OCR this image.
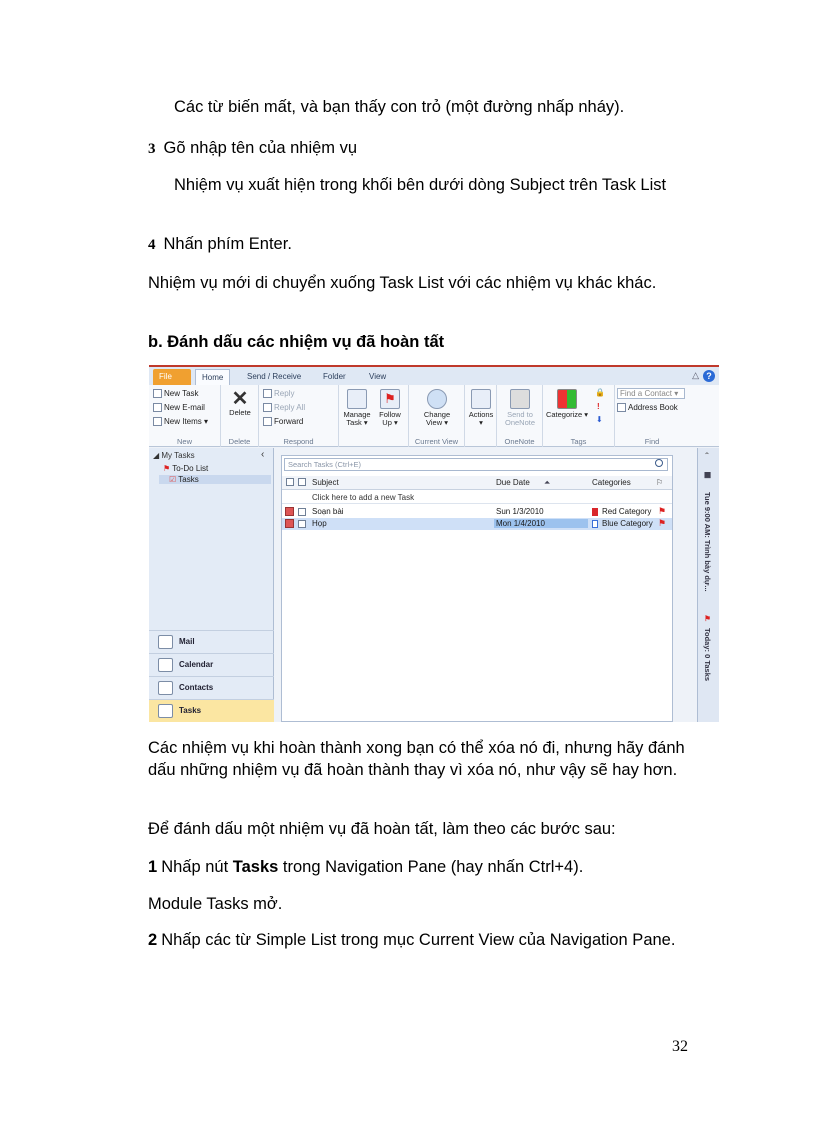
Các từ biến mất, và bạn thấy con trỏ (một đường nhấp nháy).

3 Gõ nhập tên của nhiệm vụ

Nhiệm vụ xuất hiện trong khối bên dưới dòng Subject trên Task List

4 Nhấn phím Enter.

Nhiệm vụ mới di chuyển xuống Task List với các nhiệm vụ khác khác.

b. Đánh dấu các nhiệm vụ đã hoàn tất

File	Home	Send / Receive	Folder	View	△ ?
New Task
New E-mail
New Items ▾
New
✕
Delete
Delete
Reply
Reply All
Forward
Respond
Manage Task ▾
⚑
Follow Up ▾
Change View ▾
Current View
Actions ▾
Send to OneNote
OneNote
Categorize ▾
🔒
!
⬇
Tags
Find a Contact ▾
Address Book
Find
◢ My Tasks	‹
⚑ To-Do List
☑ Tasks
Mail
Calendar
Contacts
Tasks
Search Tasks (Ctrl+E)
Subject	Due Date ⏶	Categories	⚐
Click here to add a new Task
Soạn bài	Sun 1/3/2010	Red Category ⚑
Họp	Mon 1/4/2010	Blue Category ⚑
‹
▦
Tue 9:00 AM: Trình bày dự...
⚑
Today: 0 Tasks

Các nhiệm vụ khi hoàn thành xong bạn có thể xóa nó đi, nhưng hãy đánh dấu những nhiệm vụ đã hoàn thành thay vì xóa nó, như vậy sẽ hay hơn.

Để đánh dấu một nhiệm vụ đã hoàn tất, làm theo các bước sau:

1 Nhấp nút Tasks trong Navigation Pane (hay nhấn Ctrl+4).

Module Tasks mở.

2 Nhấp các từ Simple List trong mục Current View của Navigation Pane.

32
